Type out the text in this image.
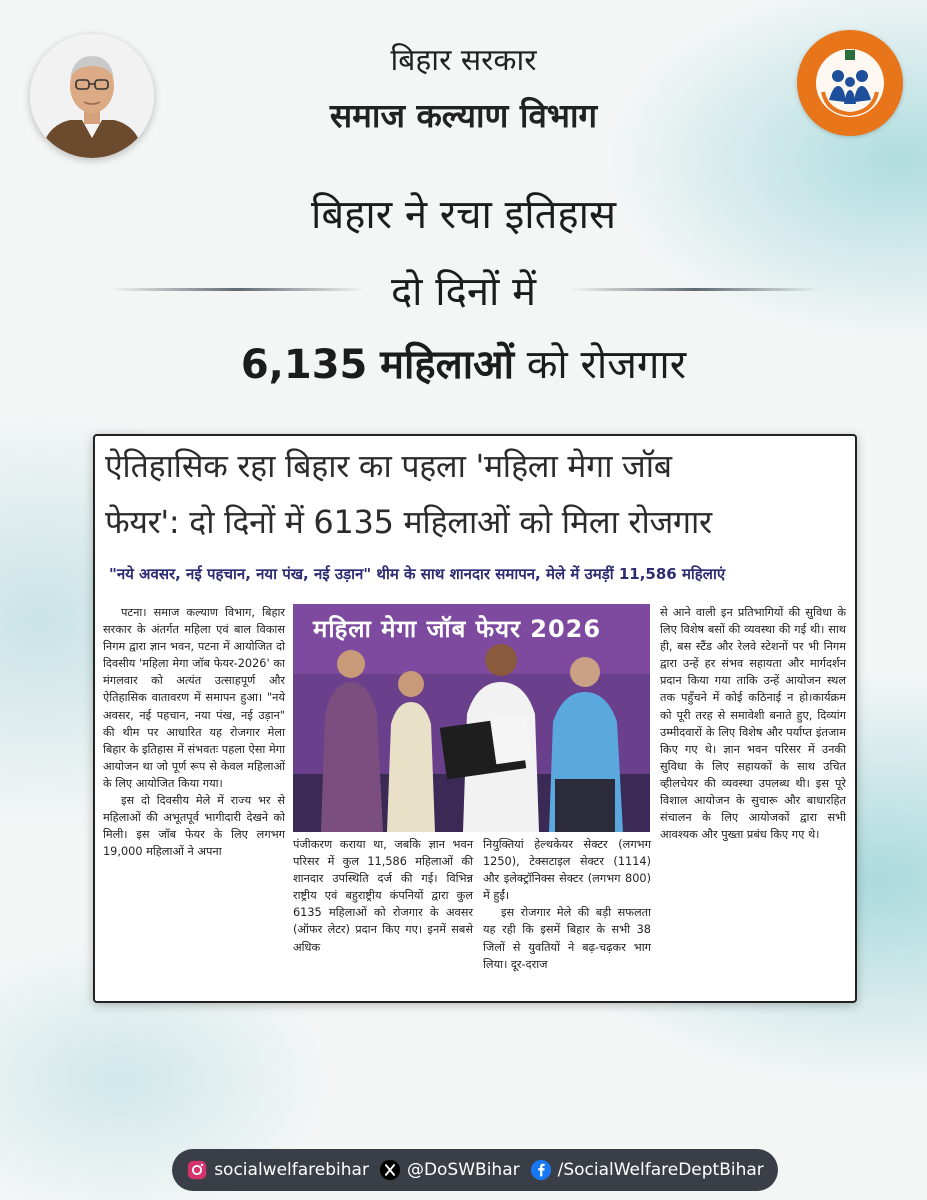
बिहार सरकार
समाज कल्याण विभाग
बिहार ने रचा इतिहास
दो दिनों में
6,135 महिलाओं को रोजगार
ऐतिहासिक रहा बिहार का पहला 'महिला मेगा जॉब
फेयर': दो दिनों में 6135 महिलाओं को मिला रोजगार
"नये अवसर, नई पहचान, नया पंख, नई उड़ान" थीम के साथ शानदार समापन, मेले में उमड़ीं 11,586 महिलाएं

पटना। समाज कल्याण विभाग, बिहार सरकार के अंतर्गत महिला एवं बाल विकास निगम द्वारा ज्ञान भवन, पटना में आयोजित दो दिवसीय 'महिला मेगा जॉब फेयर-2026' का मंगलवार को अत्यंत उत्साहपूर्ण और ऐतिहासिक वातावरण में समापन हुआ। "नये अवसर, नई पहचान, नया पंख, नई उड़ान" की थीम पर आधारित यह रोजगार मेला बिहार के इतिहास में संभवतः पहला ऐसा मेगा आयोजन था जो पूर्ण रूप से केवल महिलाओं के लिए आयोजित किया गया।

इस दो दिवसीय मेले में राज्य भर से महिलाओं की अभूतपूर्व भागीदारी देखने को मिली। इस जॉब फेयर के लिए लगभग 19,000 महिलाओं ने अपना

महिला मेगा जॉब फेयर 2026

पंजीकरण कराया था, जबकि ज्ञान भवन परिसर में कुल 11,586 महिलाओं की शानदार उपस्थिति दर्ज की गई। विभिन्न राष्ट्रीय एवं बहुराष्ट्रीय कंपनियों द्वारा कुल 6135 महिलाओं को रोजगार के अवसर (ऑफर लेटर) प्रदान किए गए। इनमें सबसे अधिक

नियुक्तियां हेल्थकेयर सेक्टर (लगभग 1250), टेक्सटाइल सेक्टर (1114) और इलेक्ट्रॉनिक्स सेक्टर (लगभग 800) में हुईं।

इस रोजगार मेले की बड़ी सफलता यह रही कि इसमें बिहार के सभी 38 जिलों से युवतियों ने बढ़-चढ़कर भाग लिया। दूर-दराज

से आने वाली इन प्रतिभागियों की सुविधा के लिए विशेष बसों की व्यवस्था की गई थी। साथ ही, बस स्टैंड और रेलवे स्टेशनों पर भी निगम द्वारा उन्हें हर संभव सहायता और मार्गदर्शन प्रदान किया गया ताकि उन्हें आयोजन स्थल तक पहुँचने में कोई कठिनाई न हो।कार्यक्रम को पूरी तरह से समावेशी बनाते हुए, दिव्यांग उम्मीदवारों के लिए विशेष और पर्याप्त इंतजाम किए गए थे। ज्ञान भवन परिसर में उनकी सुविधा के लिए सहायकों के साथ उचित व्हीलचेयर की व्यवस्था उपलब्ध थी। इस पूरे विशाल आयोजन के सुचारू और बाधारहित संचालन के लिए आयोजकों द्वारा सभी आवश्यक और पुख्ता प्रबंध किए गए थे।

socialwelfarebihar @DoSWBihar /SocialWelfareDeptBihar
